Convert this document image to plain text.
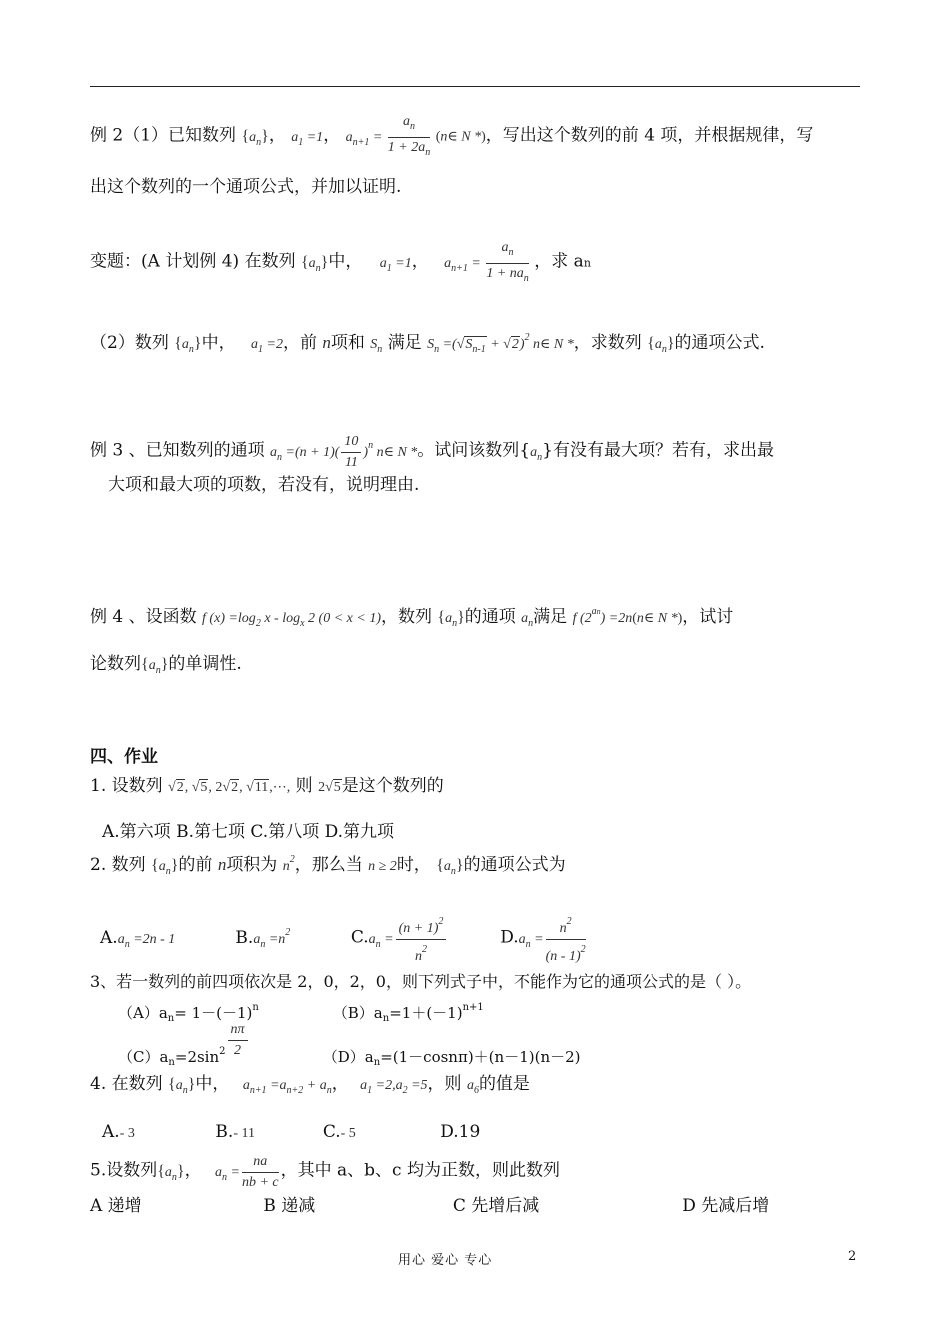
例 2（1）已知数列 $\{a_n\}$， $a_1 =1$， $a_{n+1} = \frac{a_n}{1 + 2a_n}$ (n∈ N *)，写出这个数列的前 4 项，并根据规律，写
出这个数列的一个通项公式，并加以证明.
变题：(A 计划例 4) 在数列 $\{a_n\}$中， $a_1 =1$， $a_{n+1} = \frac{a_n}{1 + na_n}$ ，求 an
（2）数列 $\{a_n\}$中， $a_1 =2$，前 n项和 $S_n$ 满足 $S_n =(√S_{n-1} + √2)^2$ n∈ N *，求数列 $\{a_n\}$的通项公式.
例 3 、已知数列的通项 $a_n =(n + 1)( \frac{10}{11} )^n$ n∈ N *。试问该数列$\{a_n\}$有没有最大项？若有，求出最
大项和最大项的项数，若没有，说明理由.
例 4 、设函数 f $(x) =\log_2$ x - $\log_x 2$ (0 < x < 1)，数列 $\{a_n\}$的通项 $a_n$满足 f $(2^{an})$ =2n(n∈ N *)，试讨
论数列$\{a_n\}$的单调性.
四、作业
1. 设数列 √2, √5, 2√2, √11,⋯, 则 2√5是这个数列的
A.第六项 B.第七项 C.第八项 D.第九项
2. 数列 $\{a_n\}$的前 n项积为 $n^2$，那么当 n ≥ 2时， $\{a_n\}$的通项公式为
$A.a_n =2n - 1$	$B.a_n =n^2$	$C.a_n = \frac{(n + 1)^2}{n^2}$	$D.a_n = \frac{n^2}{(n - 1)^2}$
3、若一数列的前四项依次是 2，0，2，0，则下列式子中，不能作为它的通项公式的是（ ）。
$(A)a_n= 1-(-1)^n$	$(B)a_n=1+(-1)^{n+1}$
$(C)a_n=2\sin^2 \frac{n\pi}{2}$	$(D)a_n=(1-\cos n\pi)+(n-1)(n-2)$
4. 在数列 $\{a_n\}$中， $a_{n+1} =a_{n+2} + a_n$， $a_1 =2,a_2 =5$，则 $a_6$的值是
A.- 3	B.- 11	C.- 5	D.19
5.设数列$\{a_n\}$， $a_n = \frac{na}{nb + c}$ ，其中 a、b、c 均为正数，则此数列
A 递增	B 递减	C 先增后减	D 先减后增
用心 爱心 专心	2
